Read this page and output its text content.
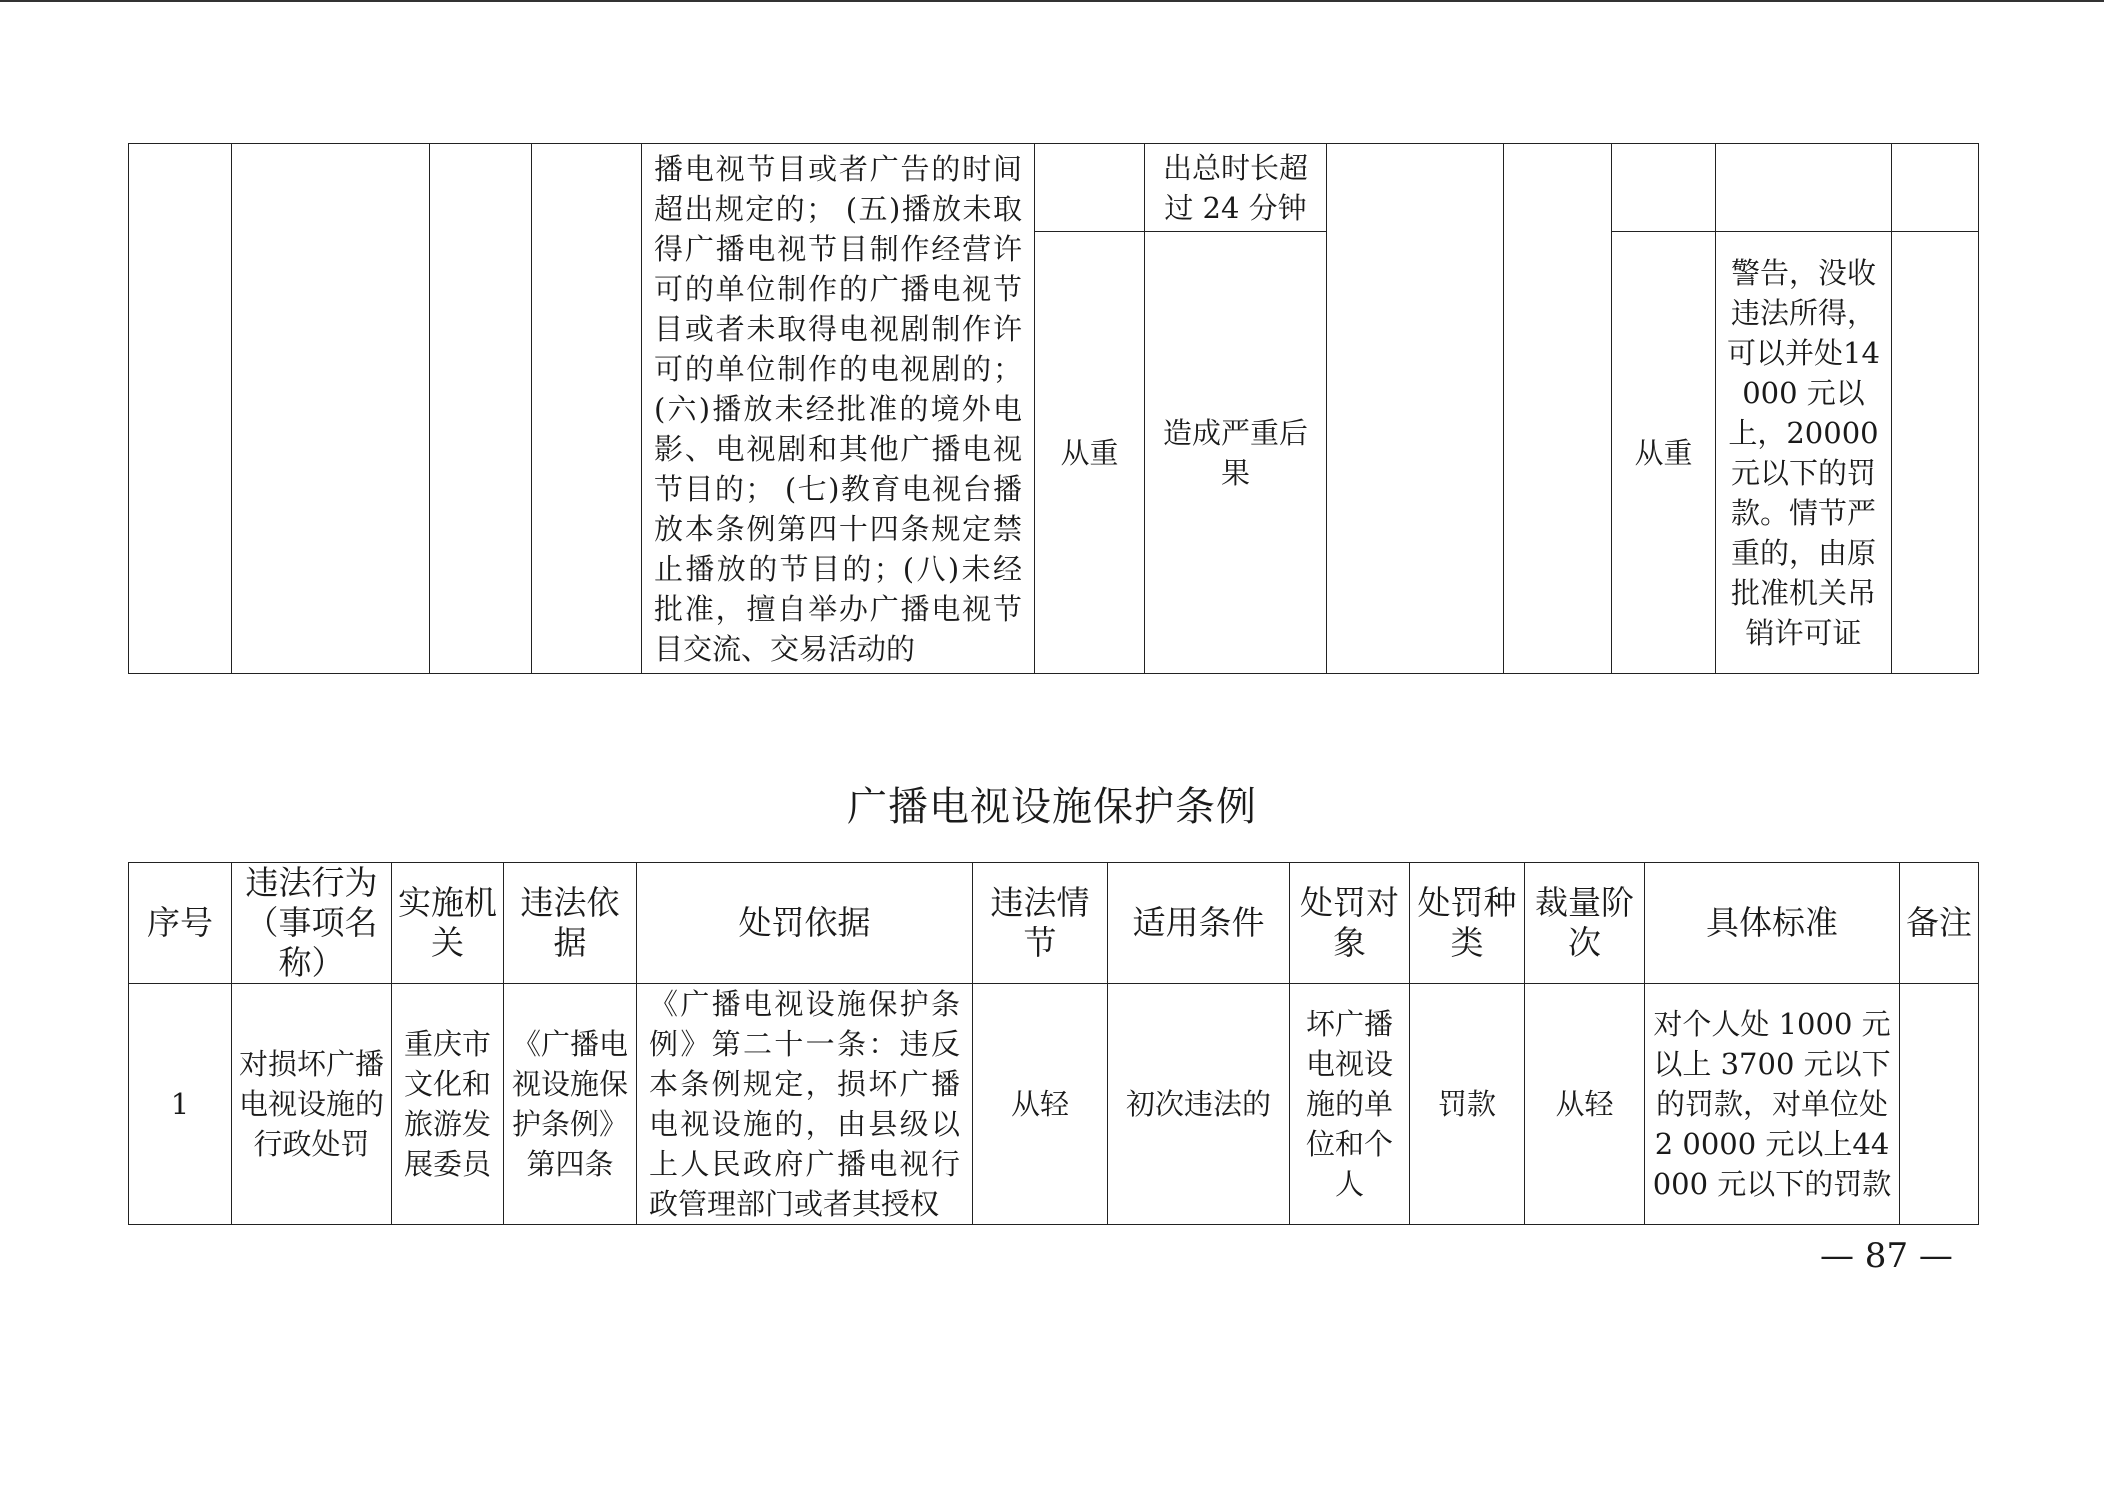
				播电视节目或者广告的时间超出规定的； (五)播放未取得广播电视节目制作经营许可的单位制作的广播电视节目或者未取得电视剧制作许可的单位制作的电视剧的； (六)播放未经批准的境外电影、电视剧和其他广播电视节目的； (七)教育电视台播放本条例第四十四条规定禁止播放的节目的；(八)未经批准，擅自举办广播电视节目交流、交易活动的		出总时长超过 24 分钟					
					从重	造成严重后果			从重	警告，没收违法所得，可以并处14000 元以上，20000 元以下的罚款。情节严重的，由原批准机关吊销许可证	
广播电视设施保护条例
序号	违法行为（事项名称）	实施机关	违法依据	处罚依据	违法情节	适用条件	处罚对象	处罚种类	裁量阶次	具体标准	备注
1	对损坏广播电视设施的行政处罚	重庆市文化和旅游发展委员	《广播电视设施保护条例》第四条	《广播电视设施保护条例》第二十一条：违反本条例规定，损坏广播电视设施的，由县级以上人民政府广播电视行政管理部门或者其授权	从轻	初次违法的	坏广播电视设施的单位和个人	罚款	从轻	对个人处 1000 元以上 3700 元以下的罚款，对单位处2 0000 元以上44000 元以下的罚款	
— 87 —
